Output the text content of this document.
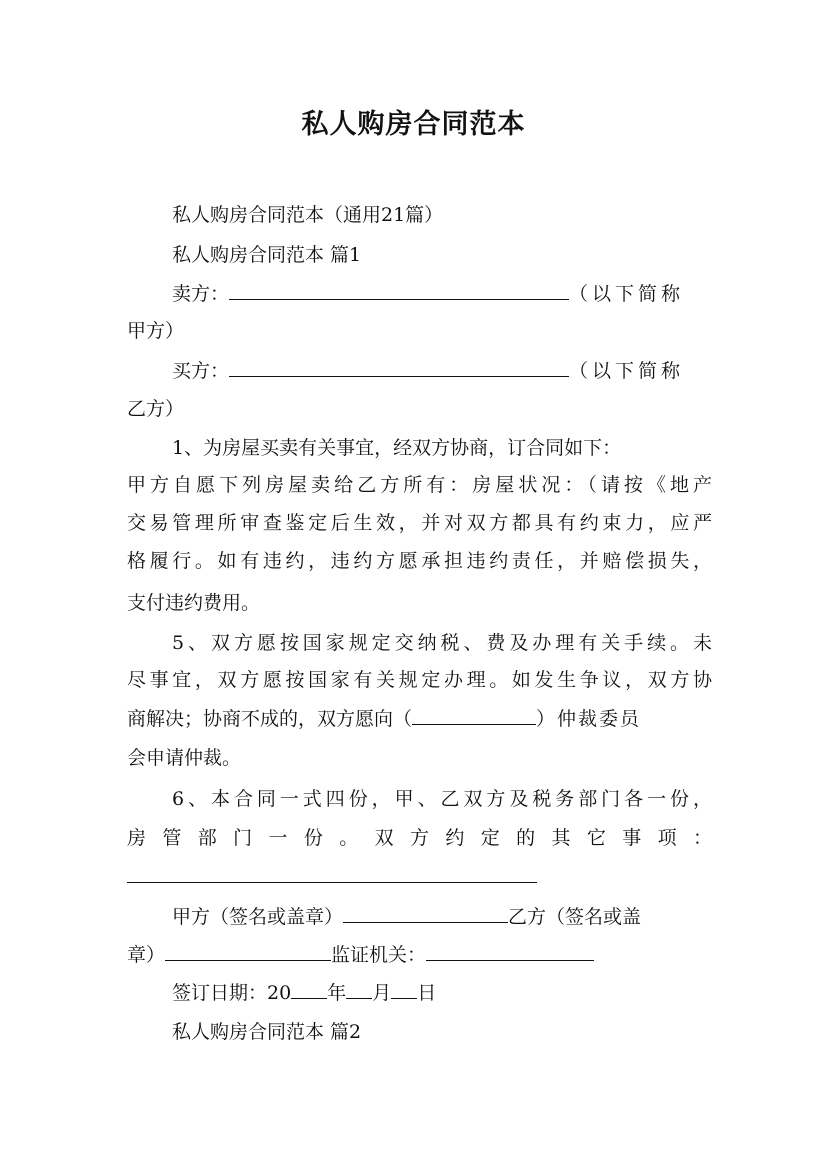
私人购房合同范本
私人购房合同范本（通用21篇）
私人购房合同范本 篇1
卖方：	（以下简称
甲方）
买方：	（以下简称
乙方）
1、为房屋买卖有关事宜，经双方协商，订合同如下：
甲方自愿下列房屋卖给乙方所有：房屋状况：（请按《地产
交易管理所审查鉴定后生效，并对双方都具有约束力，应严
格履行。如有违约，违约方愿承担违约责任，并赔偿损失，
支付违约费用。
5、双方愿按国家规定交纳税、费及办理有关手续。未
尽事宜，双方愿按国家有关规定办理。如发生争议，双方协
商解决；协商不成的，双方愿向（	）仲裁委员
会申请仲裁。
6、本合同一式四份，甲、乙双方及税务部门各一份，
房管部门一份。双方约定的其它事项：
甲方（签名或盖章）	乙方（签名或盖
章）	监证机关：
签订日期：20 年 月 日
私人购房合同范本 篇2
